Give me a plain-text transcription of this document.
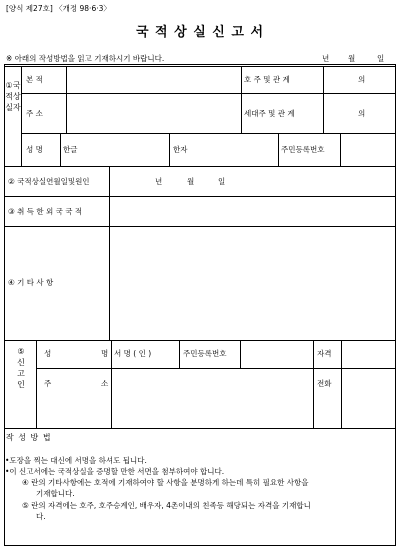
[양식 제27호] 〈개정 98·6·3〉
국 적 상 실 신 고 서
※ 아래의 작성방법을 읽고 기재하시기 바랍니다.	년	월	일
①국적상실자
본 적	호 주 및 관 계	의
주 소	세대주 및 관 계	의
성 명	한글	한자	주민등록번호
② 국적상실연월일및원인	년	월	일
③ 취 득 한 외 국 국 적
④ 기 타 사 항
⑤신고인
성	명 서 명 ( 인 )	주민등록번호	자격
주	소	전화
작 성 방 법
•도장을 찍는 대신에 서명을 하셔도 됩니다.
•이 신고서에는 국적상실을 증명할 만한 서면을 첨부하여야 합니다.
④ 란의 기타사항에는 호적에 기재하여야 할 사항을 분명하게 하는데 특히 필요한 사항을
기재합니다.
⑤ 란의 자격에는 호주, 호주승계인, 배우자, 4촌이내의 친족등 해당되는 자격을 기재합니
다.
